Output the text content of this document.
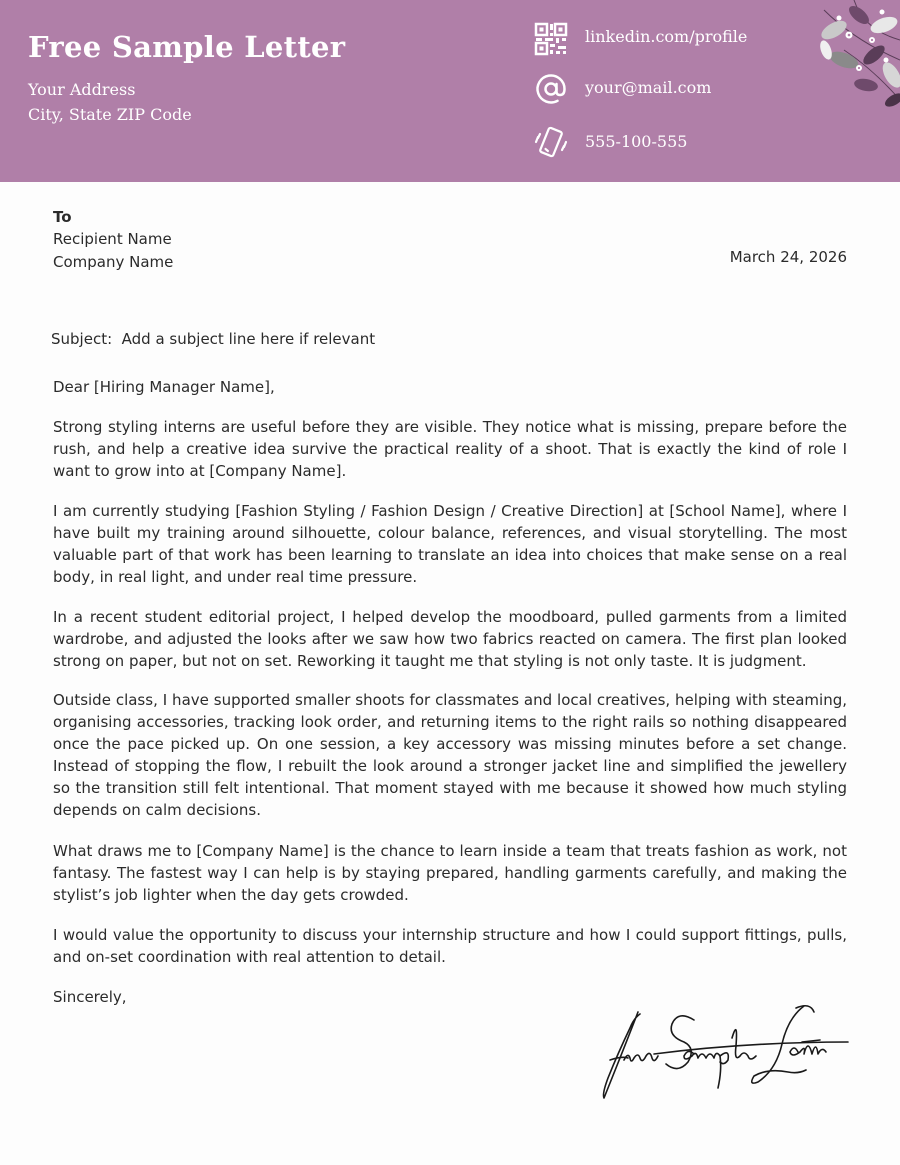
Free Sample Letter
Your Address
City, State ZIP Code
linkedin.com/profile
your@mail.com
555-100-555
To
Recipient Name
Company Name	March 24, 2026
Subject:  Add a subject line here if relevant
Dear [Hiring Manager Name],

Strong styling interns are useful before they are visible. They notice what is missing, prepare before the rush, and help a creative idea survive the practical reality of a shoot. That is exactly the kind of role I want to grow into at [Company Name].

I am currently studying [Fashion Styling / Fashion Design / Creative Direction] at [School Name], where I have built my training around silhouette, colour balance, references, and visual storytelling. The most valuable part of that work has been learning to translate an idea into choices that make sense on a real body, in real light, and under real time pressure.

In a recent student editorial project, I helped develop the moodboard, pulled garments from a limited wardrobe, and adjusted the looks after we saw how two fabrics reacted on camera. The first plan looked strong on paper, but not on set. Reworking it taught me that styling is not only taste. It is judgment.

Outside class, I have supported smaller shoots for classmates and local creatives, helping with steaming, organising accessories, tracking look order, and returning items to the right rails so nothing disappeared once the pace picked up. On one session, a key accessory was missing minutes before a set change. Instead of stopping the flow, I rebuilt the look around a stronger jacket line and simplified the jewellery so the transition still felt intentional. That moment stayed with me because it showed how much styling depends on calm decisions.

What draws me to [Company Name] is the chance to learn inside a team that treats fashion as work, not fantasy. The fastest way I can help is by staying prepared, handling garments carefully, and making the stylist’s job lighter when the day gets crowded.

I would value the opportunity to discuss your internship structure and how I could support fittings, pulls, and on-set coordination with real attention to detail.

Sincerely,
